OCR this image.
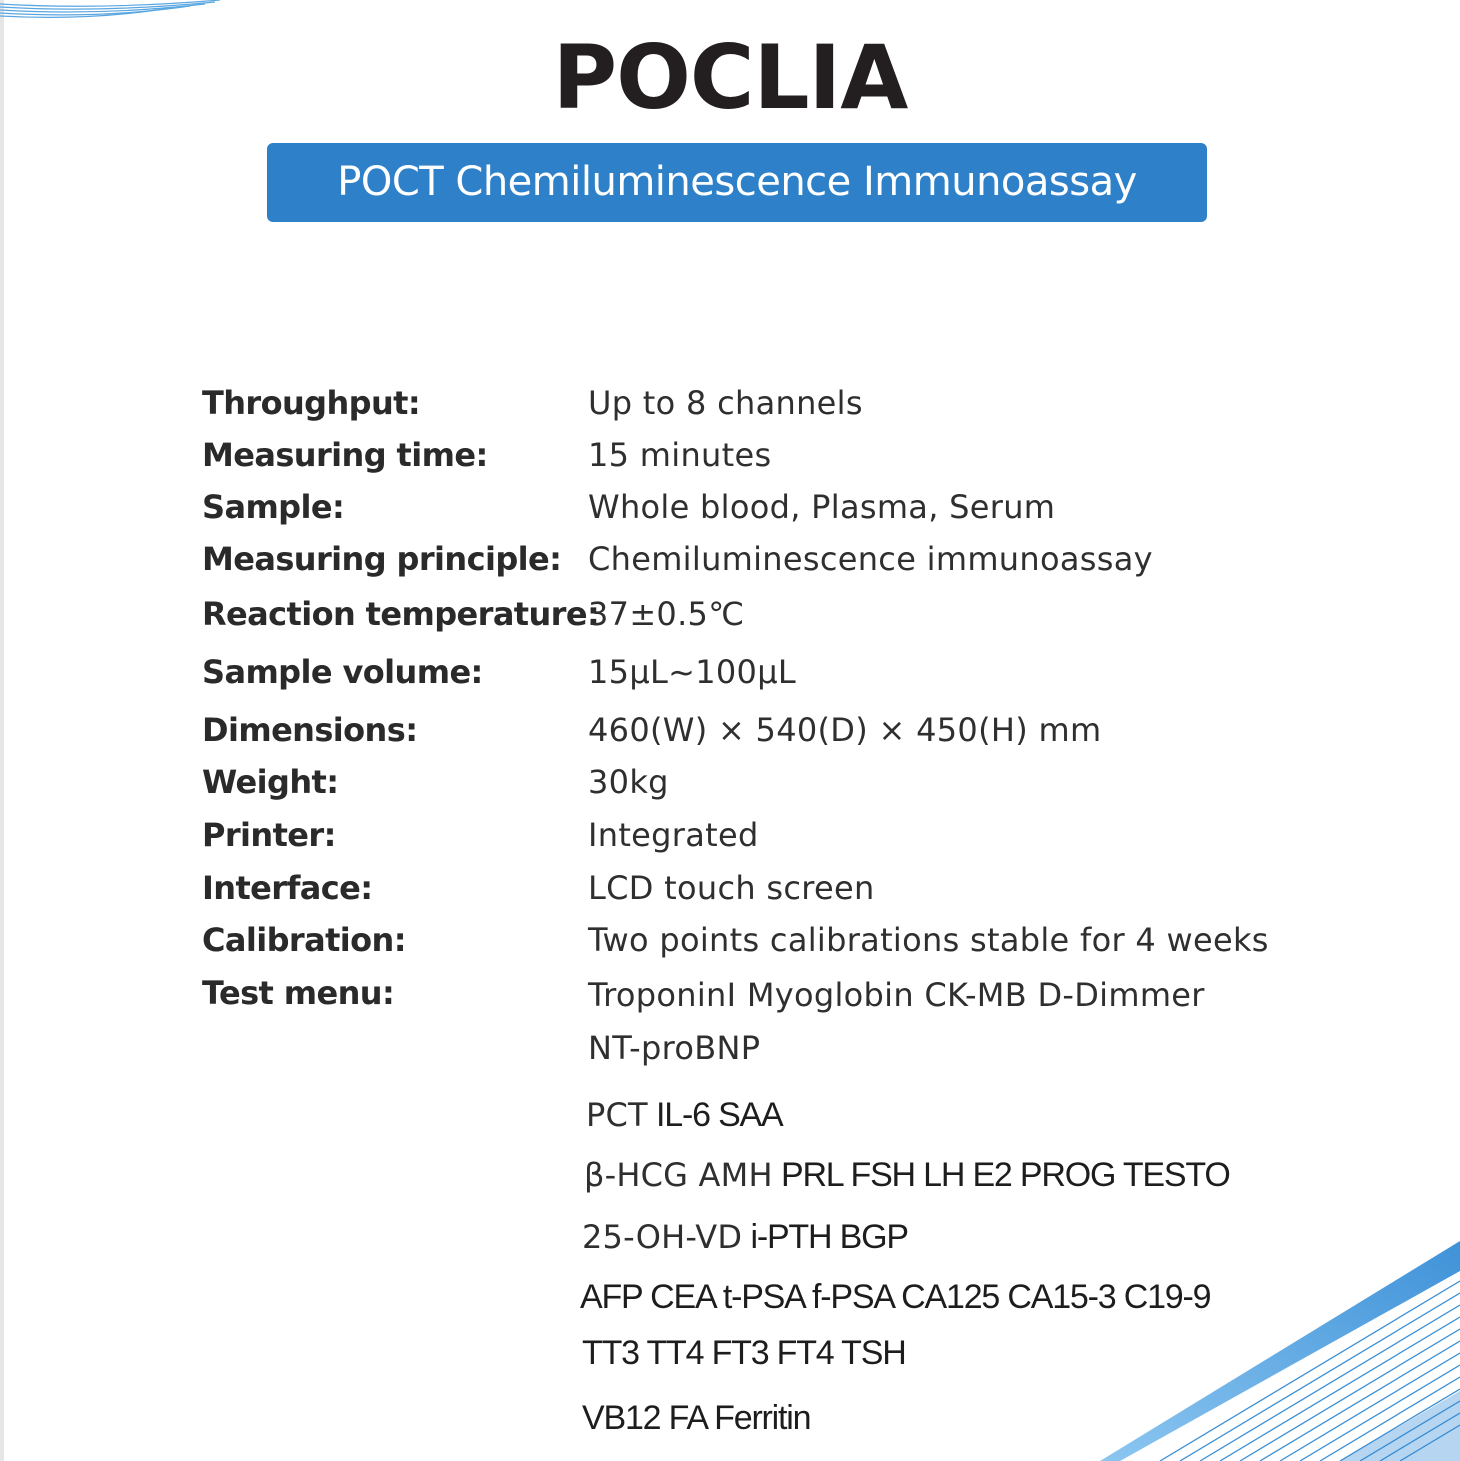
POCLIA
POCT Chemiluminescence Immunoassay Analyzer
Throughput:	Up to 8 channels
Measuring time:	15 minutes
Sample:	Whole blood, Plasma, Serum
Measuring principle: Chemiluminescence immunoassay
Reaction temperature:
37±0.5℃
Sample volume:	15μL~100μL
Dimensions:	460(W) × 540(D) × 450(H) mm
Weight:	30kg
Printer:	Integrated
Interface:	LCD touch screen
Calibration:	Two points calibrations stable for 4 weeks
Test menu:	TroponinI Myoglobin CK-MB D-Dimmer
NT-proBNP
PCT IL-6 SAA
β-HCG AMH PRL FSH LH E2 PROG TESTO
25-OH-VD i-PTH BGP
AFP CEA t-PSA f-PSA CA125 CA15-3 C19-9
TT3 TT4 FT3 FT4 TSH
VB12 FA Ferritin
